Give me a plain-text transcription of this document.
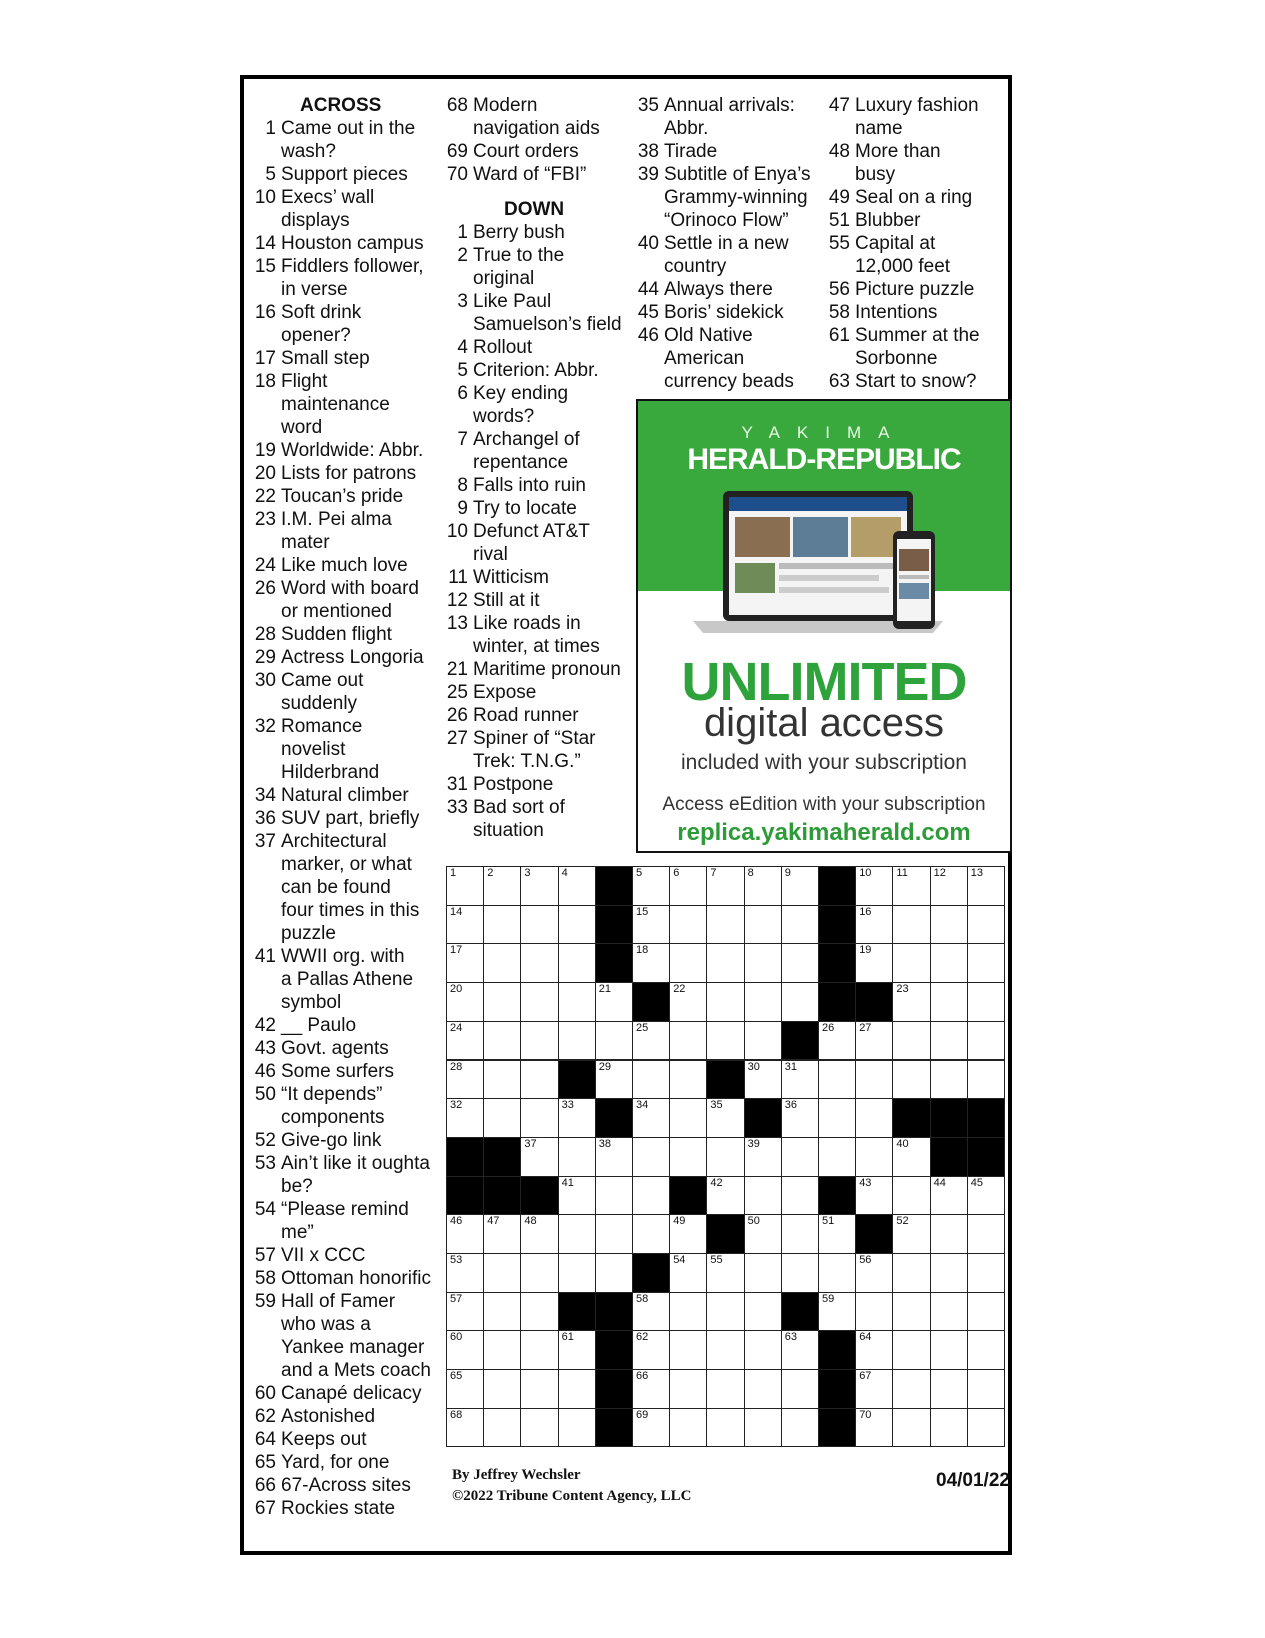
ACROSS
1 Came out in the
wash?
5 Support pieces
10 Execs’ wall
displays
14 Houston campus
15 Fiddlers follower,
in verse
16 Soft drink
opener?
17 Small step
18 Flight
maintenance
word
19 Worldwide: Abbr.
20 Lists for patrons
22 Toucan’s pride
23 I.M. Pei alma
mater
24 Like much love
26 Word with board
or mentioned
28 Sudden flight
29 Actress Longoria
30 Came out
suddenly
32 Romance novelist
Hilderbrand
34 Natural climber
36 SUV part, briefly
37 Architectural
marker, or what
can be found
four times in this
puzzle
41 WWII org. with
a Pallas Athene
symbol
42 __ Paulo
43 Govt. agents
46 Some surfers
50 “It depends”
components
52 Give-go link
53 Ain’t like it oughta
be?
54 “Please remind
me”
57 VII x CCC
58 Ottoman honorific
59 Hall of Famer
who was a
Yankee manager
and a Mets coach
60 Canapé delicacy
62 Astonished
64 Keeps out
65 Yard, for one
66 67-Across sites
67 Rockies state
68 Modern
navigation aids
69 Court orders
70 Ward of “FBI”
DOWN
1 Berry bush
2 True to the
original
3 Like Paul
Samuelson’s field
4 Rollout
5 Criterion: Abbr.
6 Key ending
words?
7 Archangel of
repentance
8 Falls into ruin
9 Try to locate
10 Defunct AT&T
rival
11 Witticism
12 Still at it
13 Like roads in
winter, at times
21 Maritime pronoun
25 Expose
26 Road runner
27 Spiner of “Star
Trek: T.N.G.”
31 Postpone
33 Bad sort of
situation
35 Annual arrivals:
Abbr.
38 Tirade
39 Subtitle of Enya’s
Grammy-winning
“Orinoco Flow”
40 Settle in a new
country
44 Always there
45 Boris’ sidekick
46 Old Native
American
currency beads
47 Luxury fashion
name
48 More than
busy
49 Seal on a ring
51 Blubber
55 Capital at
12,000 feet
56 Picture puzzle
58 Intentions
61 Summer at the
Sorbonne
63 Start to snow?
YAKIMA
HERALD-REPUBLIC
UNLIMITED
digital access
included with your subscription
Access eEdition with your subscription
replica.yakimaherald.com
1	2	3	4	5	6	7	8	9	10 11 12 13
14	15	16
17	18	19
20	21	22	23
24	25	26 27
28	29	30 31
32	33	34	35	36
37	38	39	40
41	42	43	44 45
46 47 48	49	50	51	52
53	54 55	56
57	58	59
60	61	62	63	64
65	66	67
68	69	70
By Jeffrey Wechsler
©2022 Tribune Content Agency, LLC
04/01/22
